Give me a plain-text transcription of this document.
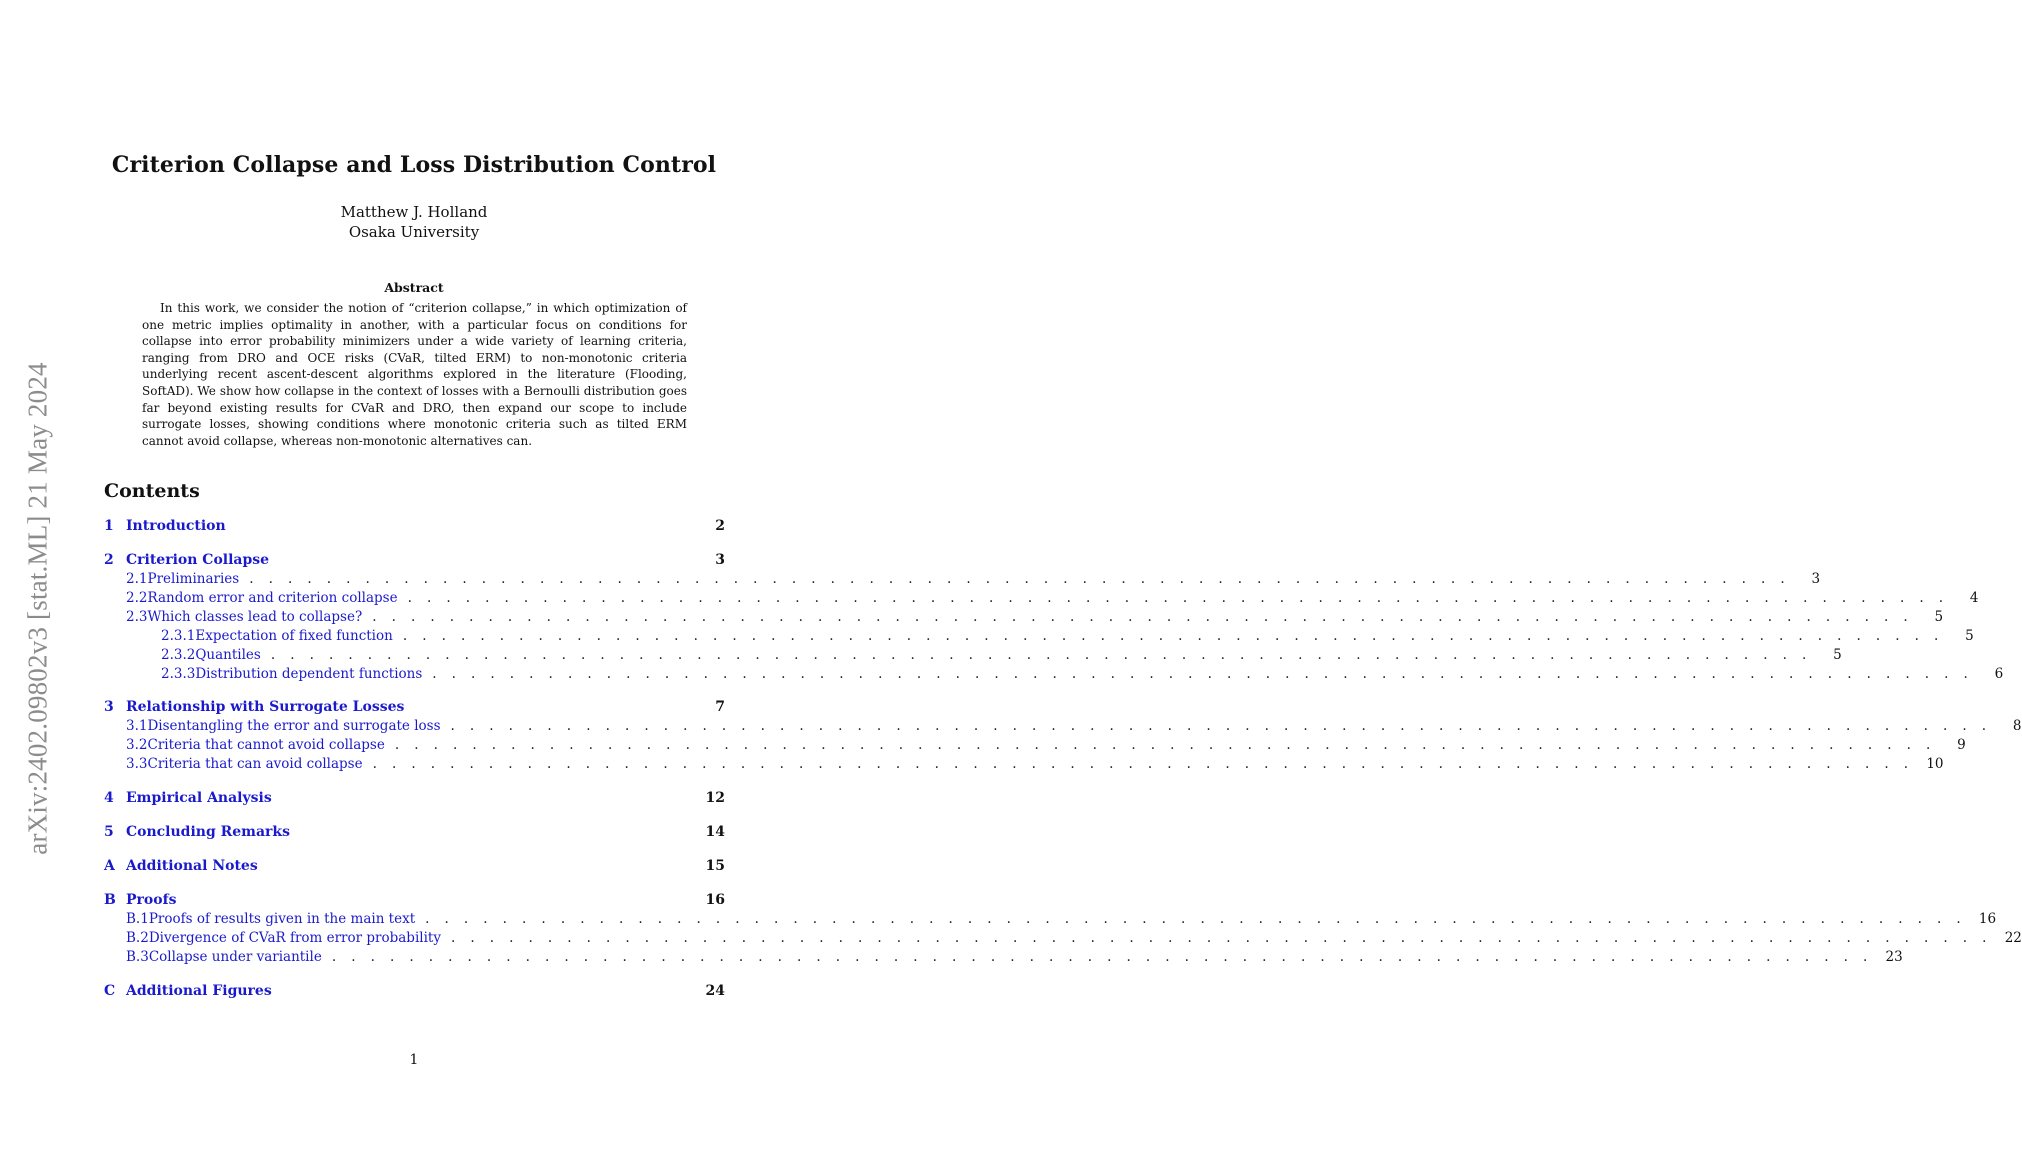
arXiv:2402.09802v3 [stat.ML] 21 May 2024
Criterion Collapse and Loss Distribution Control
Matthew J. Holland
Osaka University
Abstract

In this work, we consider the notion of “criterion collapse,” in which optimization of one metric implies optimality in another, with a particular focus on conditions for collapse into error probability minimizers under a wide variety of learning criteria, ranging from DRO and OCE risks (CVaR, tilted ERM) to non-monotonic criteria underlying recent ascent-descent algorithms explored in the literature (Flooding, SoftAD). We show how collapse in the context of losses with a Bernoulli distribution goes far beyond existing results for CVaR and DRO, then expand our scope to include surrogate losses, showing conditions where monotonic criteria such as tilted ERM cannot avoid collapse, whereas non-monotonic alternatives can.

Contents
1 Introduction	2
2 Criterion Collapse	3
2.1 Preliminaries . . . . . . . . . . . . . . . . . . . . . . . . . . . . . . . . . . . . . . . . . . . . . . . . . . . . . . . . . . . . . . . . . . . . . . . . . . . . . . . .	3
2.2 Random error and criterion collapse . . . . . . . . . . . . . . . . . . . . . . . . . . . . . . . . . . . . . . . . . . . . . . . . . . . . . . . . . . . . . . . . . . . . . . . . . . . . . . . .	4
2.3 Which classes lead to collapse? . . . . . . . . . . . . . . . . . . . . . . . . . . . . . . . . . . . . . . . . . . . . . . . . . . . . . . . . . . . . . . . . . . . . . . . . . . . . . . . .	5
2.3.1 Expectation of fixed function . . . . . . . . . . . . . . . . . . . . . . . . . . . . . . . . . . . . . . . . . . . . . . . . . . . . . . . . . . . . . . . . . . . . . . . . . . . . . . . .	5
2.3.2 Quantiles . . . . . . . . . . . . . . . . . . . . . . . . . . . . . . . . . . . . . . . . . . . . . . . . . . . . . . . . . . . . . . . . . . . . . . . . . . . . . . . .	5
2.3.3 Distribution dependent functions . . . . . . . . . . . . . . . . . . . . . . . . . . . . . . . . . . . . . . . . . . . . . . . . . . . . . . . . . . . . . . . . . . . . . . . . . . . . . . . .	6
3 Relationship with Surrogate Losses	7
3.1 Disentangling the error and surrogate loss . . . . . . . . . . . . . . . . . . . . . . . . . . . . . . . . . . . . . . . . . . . . . . . . . . . . . . . . . . . . . . . . . . . . . . . . . . . . . . . .	8
3.2 Criteria that cannot avoid collapse . . . . . . . . . . . . . . . . . . . . . . . . . . . . . . . . . . . . . . . . . . . . . . . . . . . . . . . . . . . . . . . . . . . . . . . . . . . . . . . .	9
3.3 Criteria that can avoid collapse . . . . . . . . . . . . . . . . . . . . . . . . . . . . . . . . . . . . . . . . . . . . . . . . . . . . . . . . . . . . . . . . . . . . . . . . . . . . . . . . 10
4 Empirical Analysis	12
5 Concluding Remarks	14
A Additional Notes	15
B Proofs	16
B.1 Proofs of results given in the main text . . . . . . . . . . . . . . . . . . . . . . . . . . . . . . . . . . . . . . . . . . . . . . . . . . . . . . . . . . . . . . . . . . . . . . . . . . . . . . . . 16
B.2 Divergence of CVaR from error probability . . . . . . . . . . . . . . . . . . . . . . . . . . . . . . . . . . . . . . . . . . . . . . . . . . . . . . . . . . . . . . . . . . . . . . . . . . . . . . . . 22
B.3 Collapse under variantile . . . . . . . . . . . . . . . . . . . . . . . . . . . . . . . . . . . . . . . . . . . . . . . . . . . . . . . . . . . . . . . . . . . . . . . . . . . . . . . . 23
C Additional Figures	24
1
